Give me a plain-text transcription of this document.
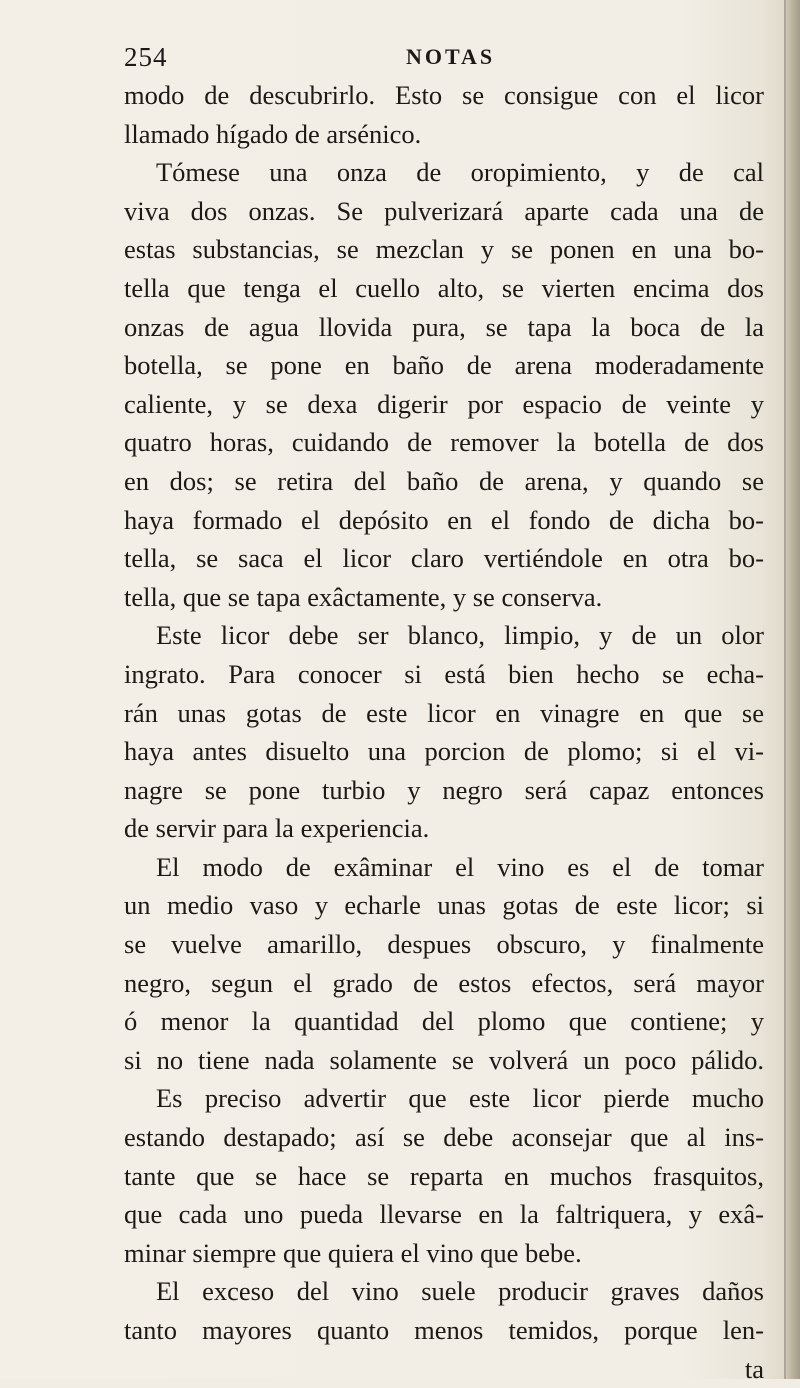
254	NOTAS
modo de descubrirlo. Esto se consigue con el licor
llamado hígado de arsénico.
Tómese una onza de oropimiento, y de cal
viva dos onzas. Se pulverizará aparte cada una de
estas substancias, se mezclan y se ponen en una bo-
tella que tenga el cuello alto, se vierten encima dos
onzas de agua llovida pura, se tapa la boca de la
botella, se pone en baño de arena moderadamente
caliente, y se dexa digerir por espacio de veinte y
quatro horas, cuidando de remover la botella de dos
en dos; se retira del baño de arena, y quando se
haya formado el depósito en el fondo de dicha bo-
tella, se saca el licor claro vertiéndole en otra bo-
tella, que se tapa exâctamente, y se conserva.
Este licor debe ser blanco, limpio, y de un olor
ingrato. Para conocer si está bien hecho se echa-
rán unas gotas de este licor en vinagre en que se
haya antes disuelto una porcion de plomo; si el vi-
nagre se pone turbio y negro será capaz entonces
de servir para la experiencia.
El modo de exâminar el vino es el de tomar
un medio vaso y echarle unas gotas de este licor; si
se vuelve amarillo, despues obscuro, y finalmente
negro, segun el grado de estos efectos, será mayor
ó menor la quantidad del plomo que contiene; y
si no tiene nada solamente se volverá un poco pálido.
Es preciso advertir que este licor pierde mucho
estando destapado; así se debe aconsejar que al ins-
tante que se hace se reparta en muchos frasquitos,
que cada uno pueda llevarse en la faltriquera, y exâ-
minar siempre que quiera el vino que bebe.
El exceso del vino suele producir graves daños
tanto mayores quanto menos temidos, porque len-
ta
